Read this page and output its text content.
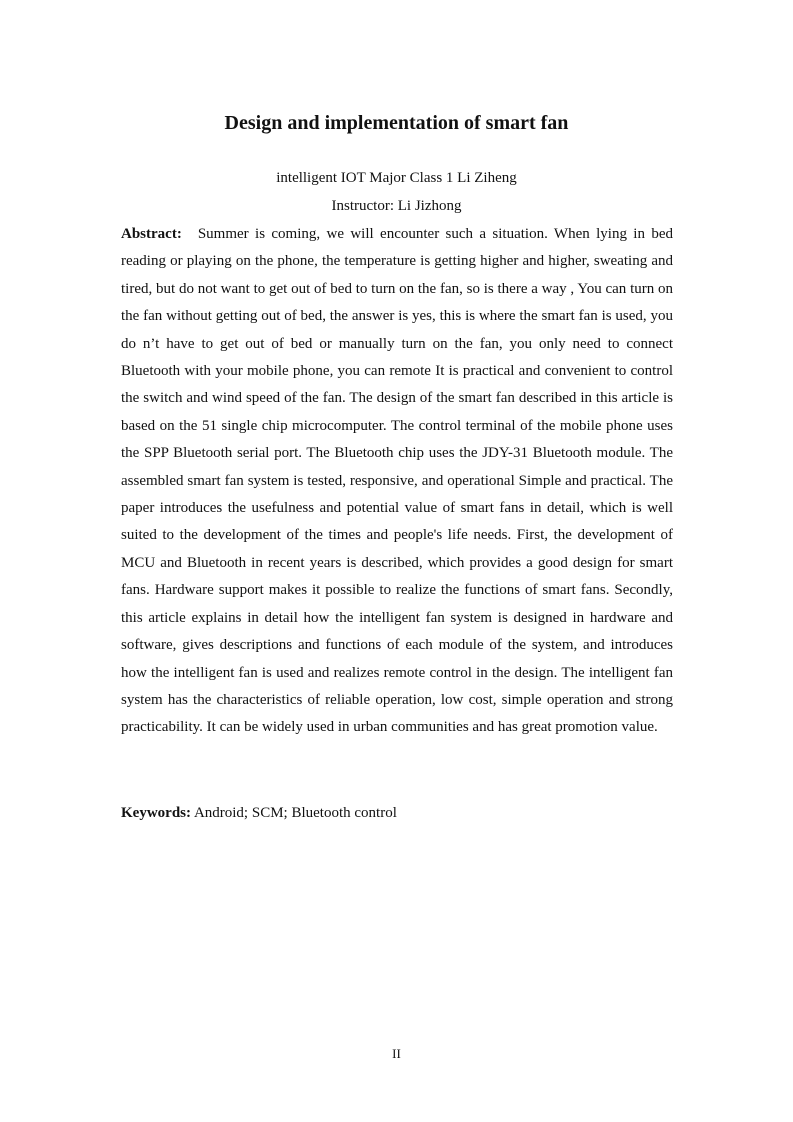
Design and implementation of smart fan
intelligent IOT Major Class 1 Li Ziheng
Instructor: Li Jizhong

Abstract: Summer is coming, we will encounter such a situation. When lying in bed reading or playing on the phone, the temperature is getting higher and higher, sweating and tired, but do not want to get out of bed to turn on the fan, so is there a way , You can turn on the fan without getting out of bed, the answer is yes, this is where the smart fan is used, you do n’t have to get out of bed or manually turn on the fan, you only need to connect Bluetooth with your mobile phone, you can remote It is practical and convenient to control the switch and wind speed of the fan. The design of the smart fan described in this article is based on the 51 single chip microcomputer. The control terminal of the mobile phone uses the SPP Bluetooth serial port. The Bluetooth chip uses the JDY-31 Bluetooth module. The assembled smart fan system is tested, responsive, and operational Simple and practical. The paper introduces the usefulness and potential value of smart fans in detail, which is well suited to the development of the times and people's life needs. First, the development of MCU and Bluetooth in recent years is described, which provides a good design for smart fans. Hardware support makes it possible to realize the functions of smart fans. Secondly, this article explains in detail how the intelligent fan system is designed in hardware and software, gives descriptions and functions of each module of the system, and introduces how the intelligent fan is used and realizes remote control in the design. The intelligent fan system has the characteristics of reliable operation, low cost, simple operation and strong practicability. It can be widely used in urban communities and has great promotion value.

Keywords: Android; SCM; Bluetooth control

II
